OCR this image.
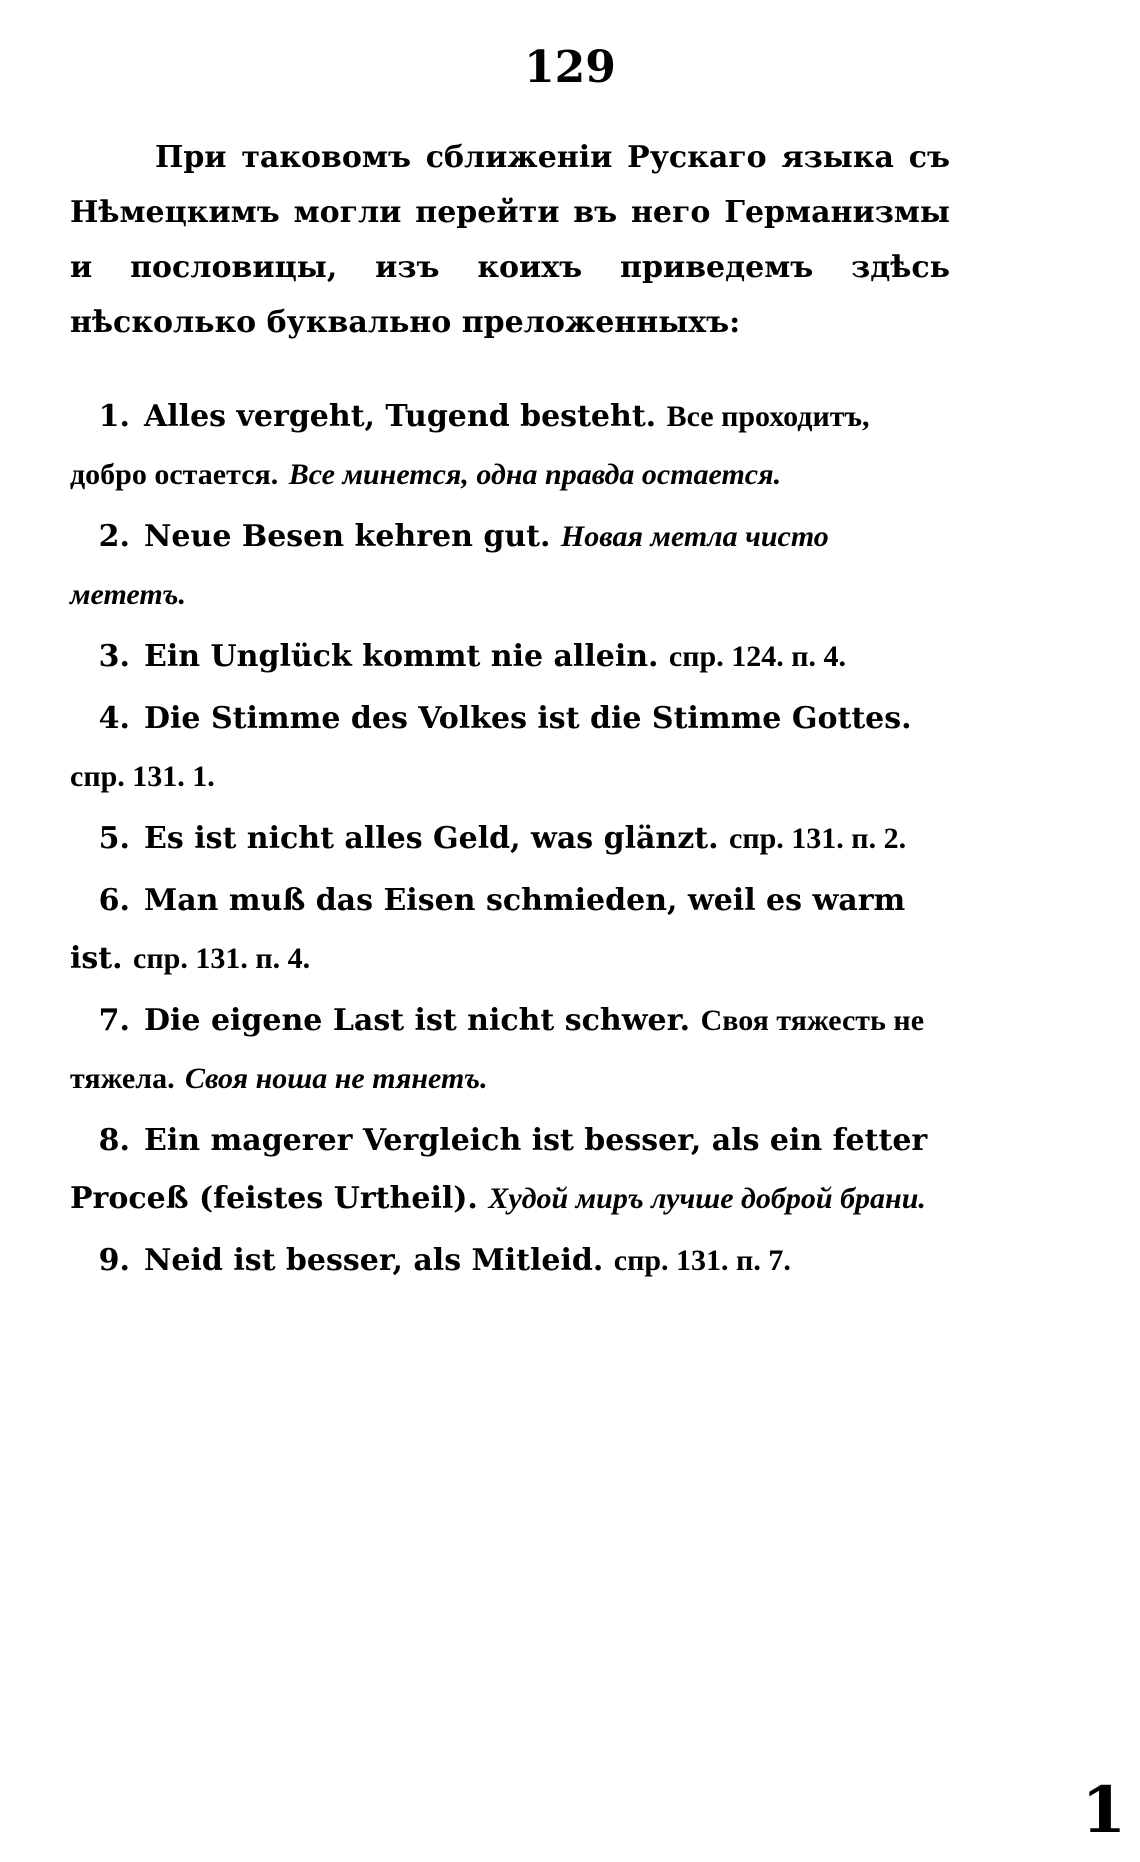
129
При таковомъ сближенiи Рускаго языка съ Нѣмецкимъ могли перейти въ него Германизмы и пословицы, изъ коихъ приведемъ здѣсь нѣсколько буквально преложенныхъ:
1. Alles vergeht, Tugend besteht. Все проходитъ, добро остается. Все минется, одна правда остается.
2. Neue Besen kehren gut. Новая метла чисто мететъ.
3. Ein Unglück kommt nie allein. спр. 124. п. 4.
4. Die Stimme des Volkes ist die Stimme Gottes. спр. 131. 1.
5. Es ist nicht alles Geld, was glänzt. спр. 131. п. 2.
6. Man muß das Eisen schmieden, weil es warm ist. спр. 131. п. 4.
7. Die eigene Last ist nicht schwer. Своя тяжесть не тяжела. Своя ноша не тянетъ.
8. Ein magerer Vergleich ist besser, als ein fetter Proceß (feistes Urtheil). Худой миръ лучше доброй брани.
9. Neid ist besser, als Mitleid. спр. 131. п. 7.
1
